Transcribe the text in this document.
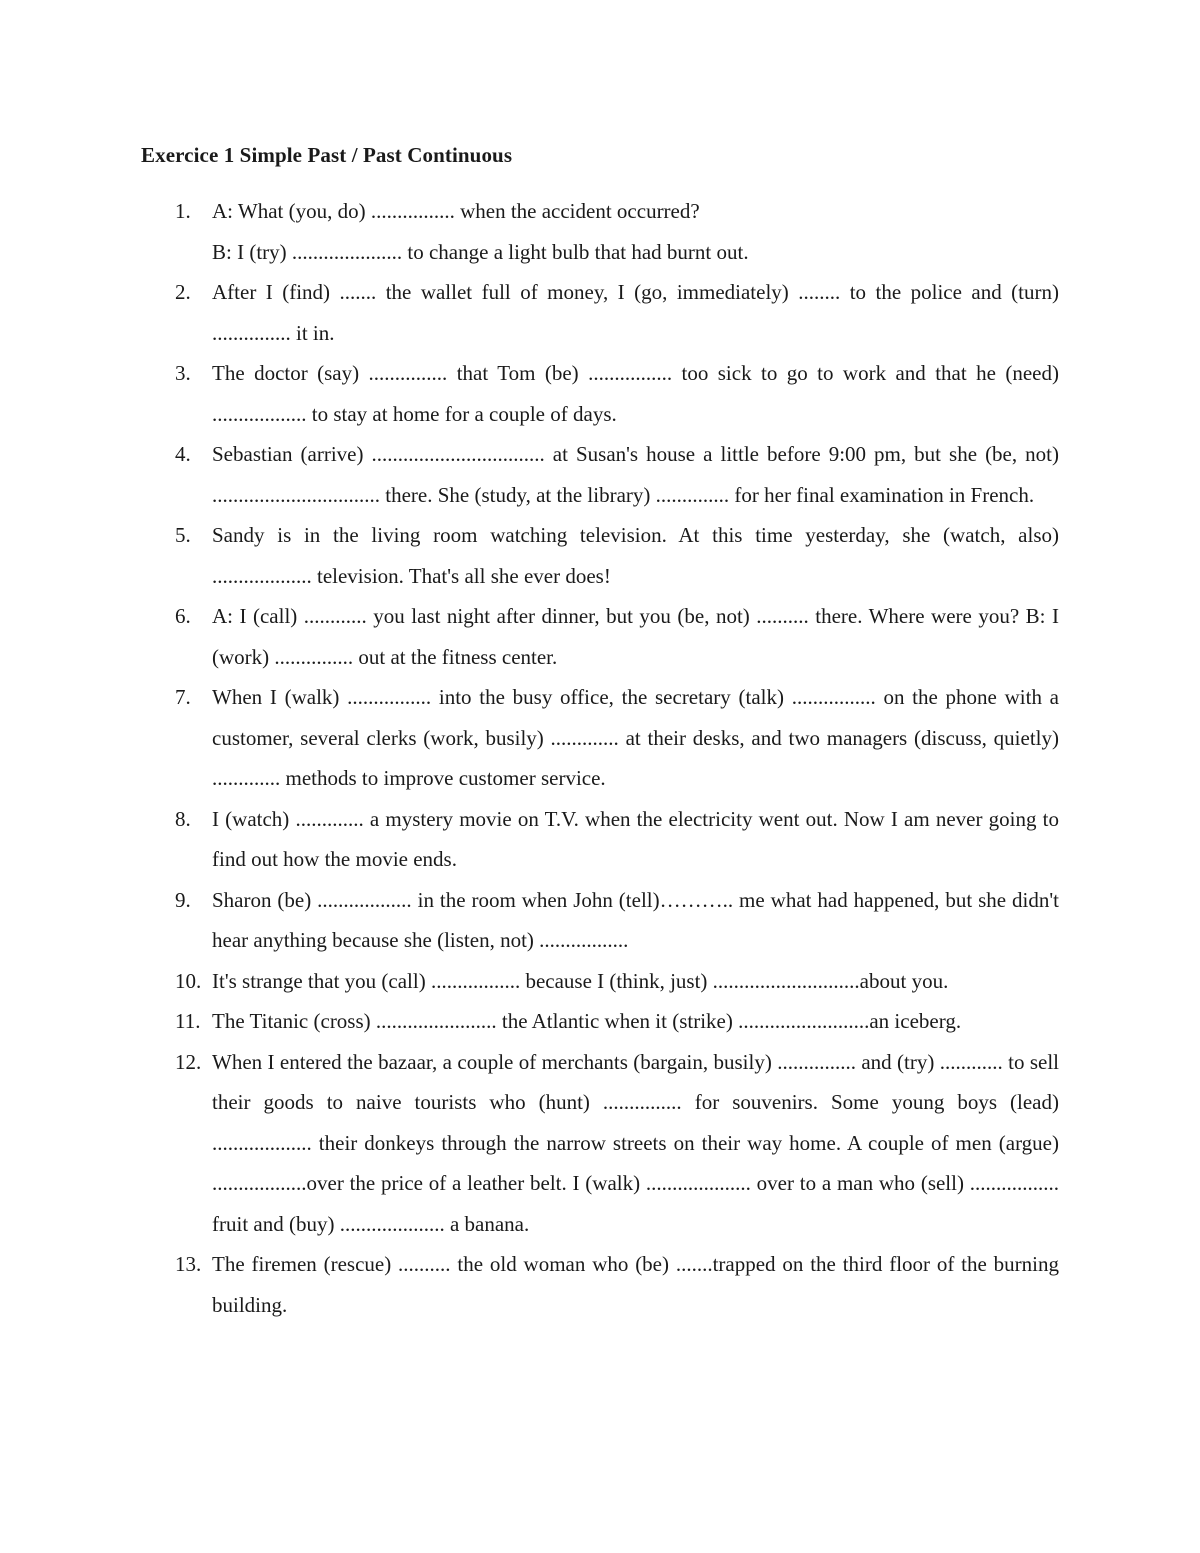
Exercice 1 Simple Past / Past Continuous
1. A: What (you, do) ................ when the accident occurred?
B: I (try) ..................... to change a light bulb that had burnt out.
2. After I (find) ....... the wallet full of money, I (go, immediately) ........ to the police and (turn) ............... it in.
3. The doctor (say) ............... that Tom (be) ................ too sick to go to work and that he (need) .................. to stay at home for a couple of days.
4. Sebastian (arrive) ................................. at Susan's house a little before 9:00 pm, but she (be, not) ................................ there. She (study, at the library) .............. for her final examination in French.
5. Sandy is in the living room watching television. At this time yesterday, she (watch, also) ................... television. That's all she ever does!
6. A: I (call) ............ you last night after dinner, but you (be, not) .......... there. Where were you? B: I (work) ............... out at the fitness center.
7. When I (walk) ................ into the busy office, the secretary (talk) ................ on the phone with a customer, several clerks (work, busily) ............. at their desks, and two managers (discuss, quietly) ............. methods to improve customer service.
8. I (watch) ............. a mystery movie on T.V. when the electricity went out. Now I am never going to find out how the movie ends.
9. Sharon (be) .................. in the room when John (tell)……….. me what had happened, but she didn't hear anything because she (listen, not) .................
10. It's strange that you (call) ................. because I (think, just) ............................about you.
11. The Titanic (cross) ....................... the Atlantic when it (strike) .........................an iceberg.
12. When I entered the bazaar, a couple of merchants (bargain, busily) ............... and (try) ............ to sell their goods to naive tourists who (hunt) ............... for souvenirs. Some young boys (lead) ................... their donkeys through the narrow streets on their way home. A couple of men (argue) ..................over the price of a leather belt. I (walk) .................... over to a man who (sell) ................. fruit and (buy) .................... a banana.
13. The firemen (rescue) .......... the old woman who (be) .......trapped on the third floor of the burning building.
